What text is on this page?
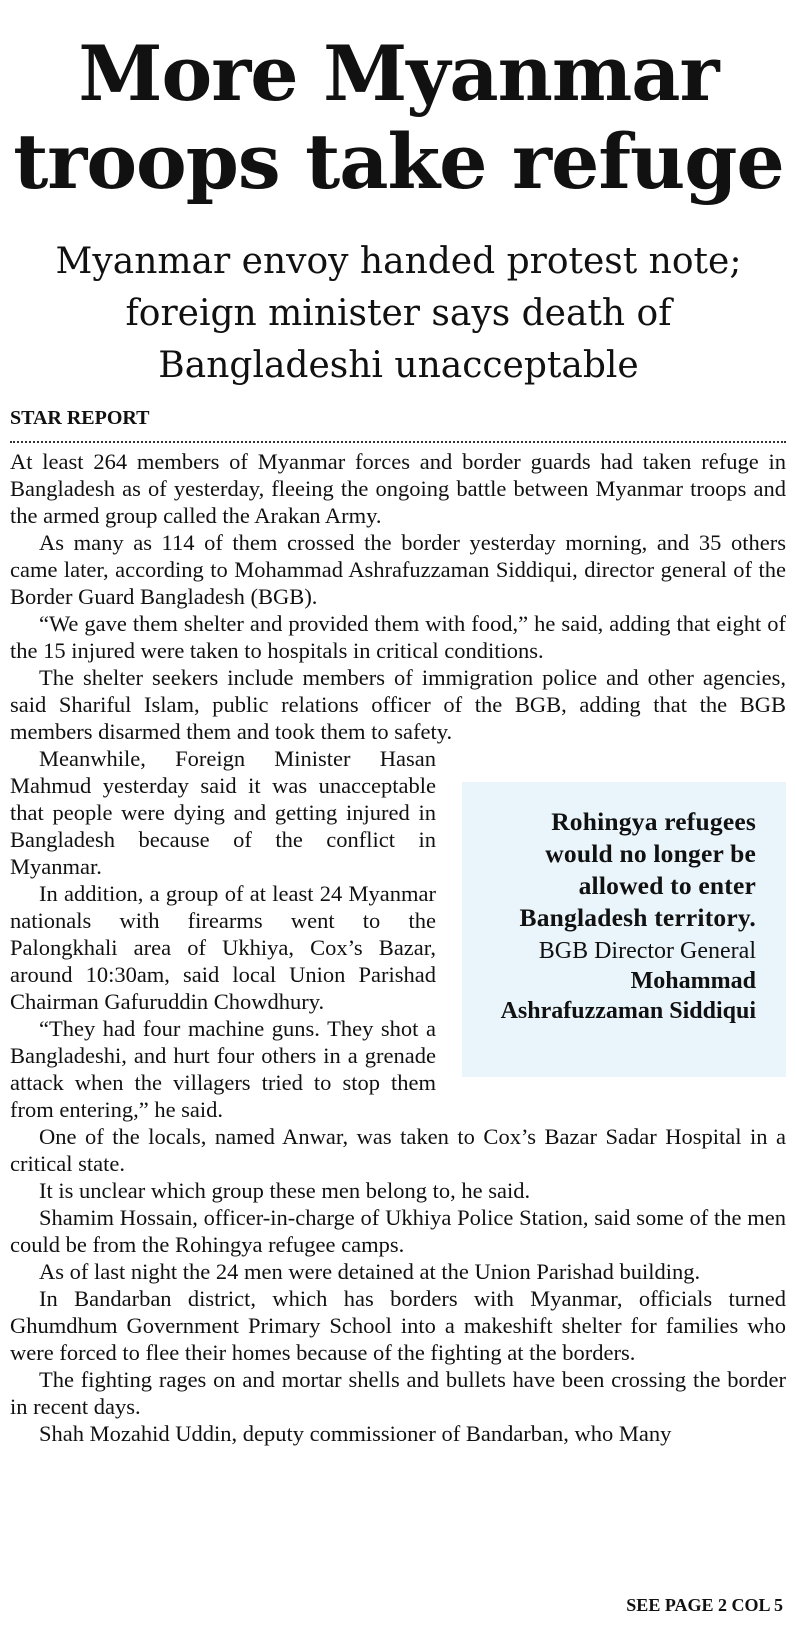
More Myanmar
troops take refuge
Myanmar envoy handed protest note; foreign minister says death of Bangladeshi unacceptable
STAR REPORT

At least 264 members of Myanmar forces and border guards had taken refuge in Bangladesh as of yesterday, fleeing the ongoing battle between Myanmar troops and the armed group called the Arakan Army.

As many as 114 of them crossed the border yesterday morning, and 35 others came later, according to Mohammad Ashrafuzzaman Siddiqui, director general of the Border Guard Bangladesh (BGB).

“We gave them shelter and provided them with food,” he said, adding that eight of the 15 injured were taken to hospitals in critical conditions.

The shelter seekers include members of immigration police and other agencies, said Shariful Islam, public relations officer of the BGB, adding that the BGB members disarmed them and took them to safety.

Rohingya refugees would no longer be allowed to enter Bangladesh territory.
BGB Director General Mohammad Ashrafuzzaman Siddiqui

Meanwhile, Foreign Minister Hasan Mahmud yesterday said it was unacceptable that people were dying and getting injured in Bangladesh because of the conflict in Myanmar.

In addition, a group of at least 24 Myanmar nationals with firearms went to the Palongkhali area of Ukhiya, Cox’s Bazar, around 10:30am, said local Union Parishad Chairman Gafuruddin Chowdhury.

“They had four machine guns. They shot a Bangladeshi, and hurt four others in a grenade attack when the villagers tried to stop them from entering,” he said.

One of the locals, named Anwar, was taken to Cox’s Bazar Sadar Hospital in a critical state.

It is unclear which group these men belong to, he said.

Shamim Hossain, officer-in-charge of Ukhiya Police Station, said some of the men could be from the Rohingya refugee camps.

As of last night the 24 men were detained at the Union Parishad building.

In Bandarban district, which has borders with Myanmar, officials turned Ghumdhum Government Primary School into a makeshift shelter for families who were forced to flee their homes because of the fighting at the borders.

The fighting rages on and mortar shells and bullets have been crossing the border in recent days.

Shah Mozahid Uddin, deputy commissioner of Bandarban, who Many

SEE PAGE 2 COL 5
